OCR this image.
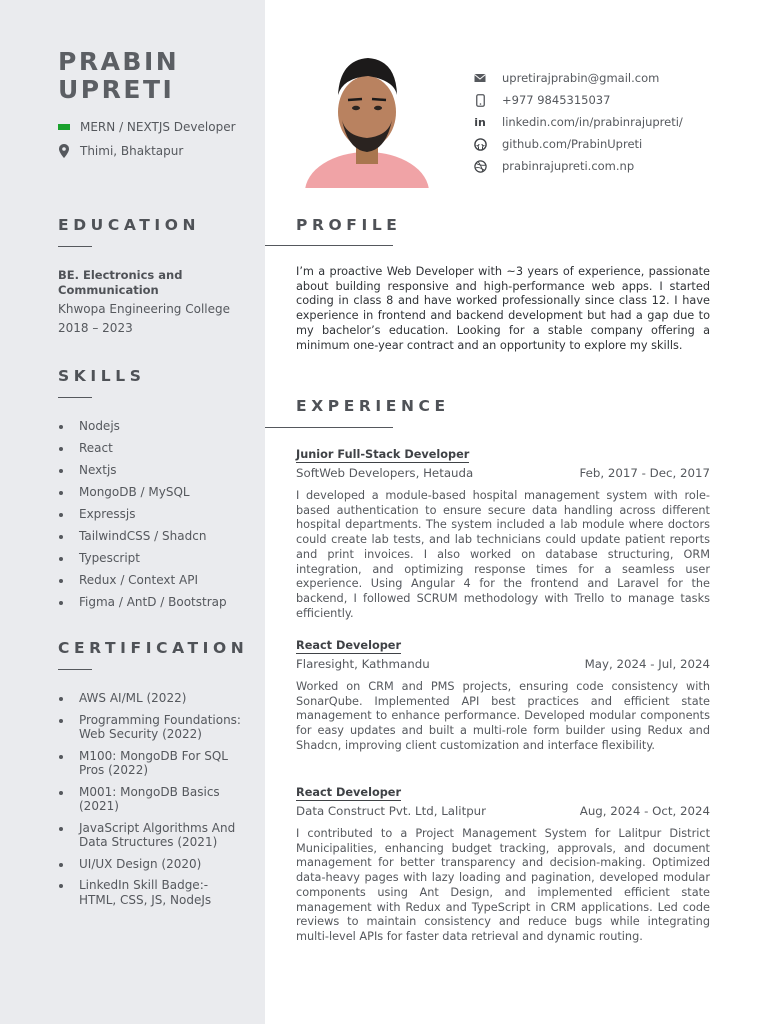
PRABIN
UPRETI
MERN / NEXTJS Developer
Thimi, Bhaktapur
EDUCATION
BE. Electronics and Communication
Khwopa Engineering College
2018 – 2023
SKILLS
Nodejs
React
Nextjs
MongoDB / MySQL
Expressjs
TailwindCSS / Shadcn
Typescript
Redux / Context API
Figma / AntD / Bootstrap
CERTIFICATION
AWS AI/ML (2022)
Programming Foundations: Web Security (2022)
M100: MongoDB For SQL Pros (2022)
M001: MongoDB Basics (2021)
JavaScript Algorithms And Data Structures (2021)
UI/UX Design (2020)
LinkedIn Skill Badge:- HTML, CSS, JS, NodeJs
upretirajprabin@gmail.com
+977 9845315037
in linkedin.com/in/prabinrajupreti/
github.com/PrabinUpreti
prabinrajupreti.com.np
PROFILE
I’m a proactive Web Developer with ~3 years of experience, passionate about building responsive and high-performance web apps. I started coding in class 8 and have worked professionally since class 12. I have experience in frontend and backend development but had a gap due to my bachelor’s education. Looking for a stable company offering a minimum one-year contract and an opportunity to explore my skills.
EXPERIENCE
Junior Full-Stack Developer
SoftWeb Developers, Hetauda	Feb, 2017 - Dec, 2017
I developed a module-based hospital management system with role-based authentication to ensure secure data handling across different hospital departments. The system included a lab module where doctors could create lab tests, and lab technicians could update patient reports and print invoices. I also worked on database structuring, ORM integration, and optimizing response times for a seamless user experience. Using Angular 4 for the frontend and Laravel for the backend, I followed SCRUM methodology with Trello to manage tasks efficiently.
React Developer
Flaresight, Kathmandu	May, 2024 - Jul, 2024
Worked on CRM and PMS projects, ensuring code consistency with SonarQube. Implemented API best practices and efficient state management to enhance performance. Developed modular components for easy updates and built a multi-role form builder using Redux and Shadcn, improving client customization and interface flexibility.
React Developer
Data Construct Pvt. Ltd, Lalitpur	Aug, 2024 - Oct, 2024
I contributed to a Project Management System for Lalitpur District Municipalities, enhancing budget tracking, approvals, and document management for better transparency and decision-making. Optimized data-heavy pages with lazy loading and pagination, developed modular components using Ant Design, and implemented efficient state management with Redux and TypeScript in CRM applications. Led code reviews to maintain consistency and reduce bugs while integrating multi-level APIs for faster data retrieval and dynamic routing.
